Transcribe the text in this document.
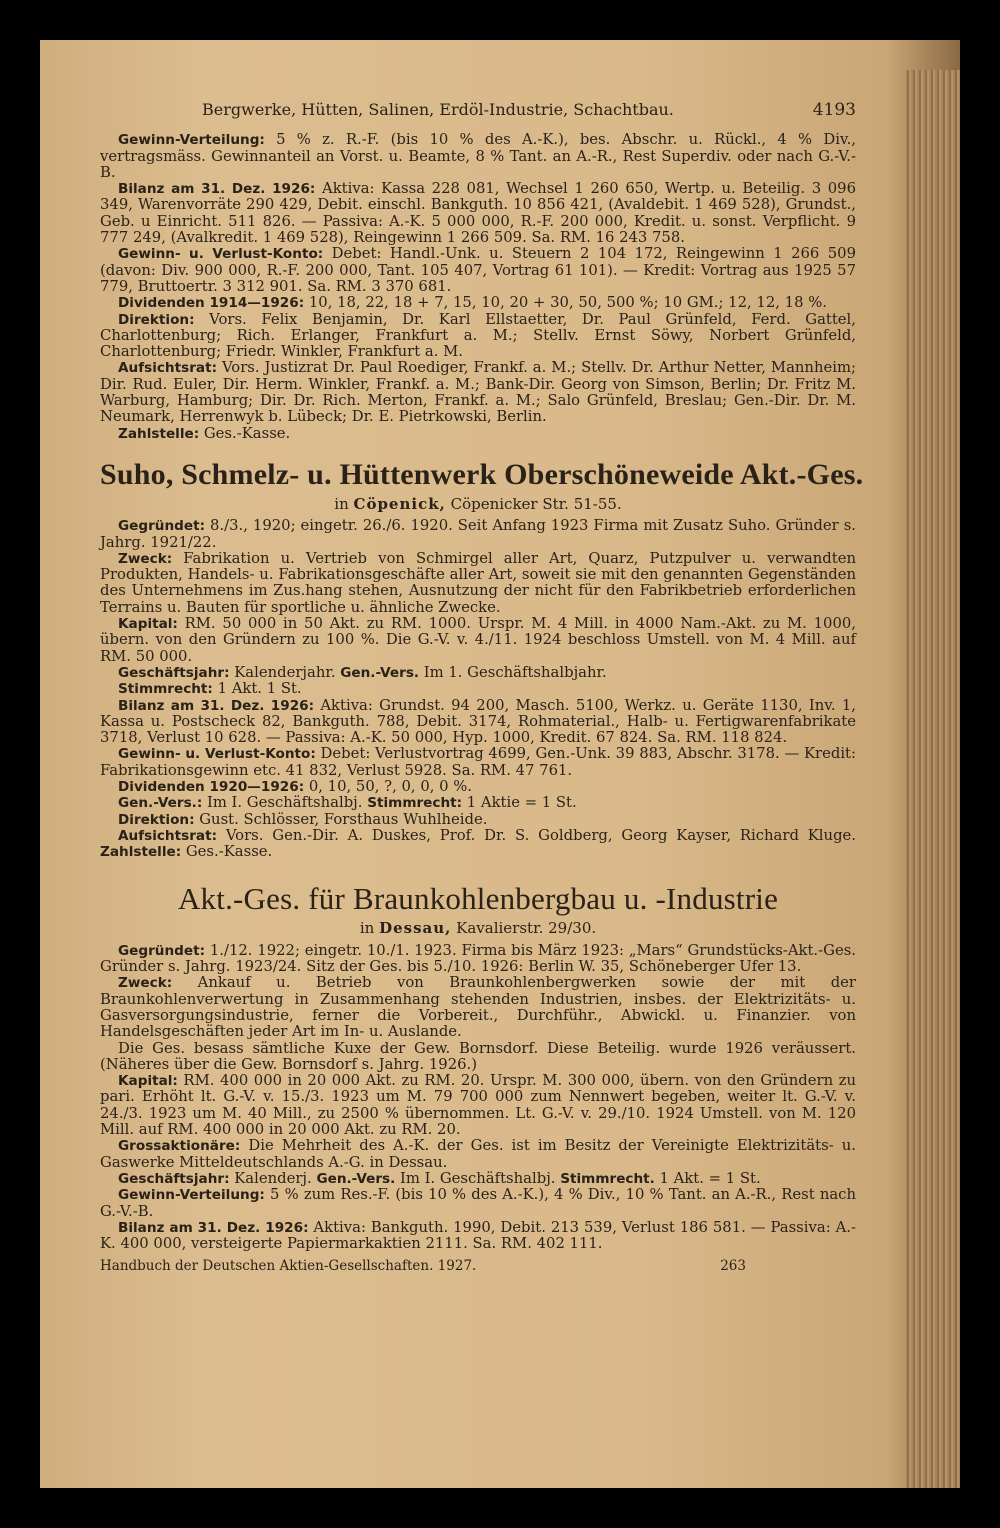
Bergwerke, Hütten, Salinen, Erdöl-Industrie, Schachtbau.	4193

Gewinn-Verteilung: 5 % z. R.-F. (bis 10 % des A.-K.), bes. Abschr. u. Rückl., 4 % Div., vertragsmäss. Gewinnanteil an Vorst. u. Beamte, 8 % Tant. an A.-R., Rest Superdiv. oder nach G.-V.-B.

Bilanz am 31. Dez. 1926: Aktiva: Kassa 228 081, Wechsel 1 260 650, Wertp. u. Beteilig. 3 096 349, Warenvorräte 290 429, Debit. einschl. Bankguth. 10 856 421, (Avaldebit. 1 469 528), Grundst., Geb. u Einricht. 511 826. — Passiva: A.-K. 5 000 000, R.-F. 200 000, Kredit. u. sonst. Verpflicht. 9 777 249, (Avalkredit. 1 469 528), Reingewinn 1 266 509. Sa. RM. 16 243 758.

Gewinn- u. Verlust-Konto: Debet: Handl.-Unk. u. Steuern 2 104 172, Reingewinn 1 266 509 (davon: Div. 900 000, R.-F. 200 000, Tant. 105 407, Vortrag 61 101). — Kredit: Vortrag aus 1925 57 779, Bruttoertr. 3 312 901. Sa. RM. 3 370 681.

Dividenden 1914—1926: 10, 18, 22, 18 + 7, 15, 10, 20 + 30, 50, 500 %; 10 GM.; 12, 12, 18 %.

Direktion: Vors. Felix Benjamin, Dr. Karl Ellstaetter, Dr. Paul Grünfeld, Ferd. Gattel, Charlottenburg; Rich. Erlanger, Frankfurt a. M.; Stellv. Ernst Söwy, Norbert Grünfeld, Charlottenburg; Friedr. Winkler, Frankfurt a. M.

Aufsichtsrat: Vors. Justizrat Dr. Paul Roediger, Frankf. a. M.; Stellv. Dr. Arthur Netter, Mannheim; Dir. Rud. Euler, Dir. Herm. Winkler, Frankf. a. M.; Bank-Dir. Georg von Simson, Berlin; Dr. Fritz M. Warburg, Hamburg; Dir. Dr. Rich. Merton, Frankf. a. M.; Salo Grünfeld, Breslau; Gen.-Dir. Dr. M. Neumark, Herrenwyk b. Lübeck; Dr. E. Pietrkowski, Berlin.

Zahlstelle: Ges.-Kasse.

Suho, Schmelz- u. Hüttenwerk Oberschöneweide Akt.-Ges.
in Cöpenick, Cöpenicker Str. 51-55.

Gegründet: 8./3., 1920; eingetr. 26./6. 1920. Seit Anfang 1923 Firma mit Zusatz Suho. Gründer s. Jahrg. 1921/22.

Zweck: Fabrikation u. Vertrieb von Schmirgel aller Art, Quarz, Putzpulver u. verwandten Produkten, Handels- u. Fabrikationsgeschäfte aller Art, soweit sie mit den genannten Gegenständen des Unternehmens im Zus.hang stehen, Ausnutzung der nicht für den Fabrikbetrieb erforderlichen Terrains u. Bauten für sportliche u. ähnliche Zwecke.

Kapital: RM. 50 000 in 50 Akt. zu RM. 1000. Urspr. M. 4 Mill. in 4000 Nam.-Akt. zu M. 1000, übern. von den Gründern zu 100 %. Die G.-V. v. 4./11. 1924 beschloss Umstell. von M. 4 Mill. auf RM. 50 000.

Geschäftsjahr: Kalenderjahr. Gen.-Vers. Im 1. Geschäftshalbjahr.

Stimmrecht: 1 Akt. 1 St.

Bilanz am 31. Dez. 1926: Aktiva: Grundst. 94 200, Masch. 5100, Werkz. u. Geräte 1130, Inv. 1, Kassa u. Postscheck 82, Bankguth. 788, Debit. 3174, Rohmaterial., Halb- u. Fertigwarenfabrikate 3718, Verlust 10 628. — Passiva: A.-K. 50 000, Hyp. 1000, Kredit. 67 824. Sa. RM. 118 824.

Gewinn- u. Verlust-Konto: Debet: Verlustvortrag 4699, Gen.-Unk. 39 883, Abschr. 3178. — Kredit: Fabrikationsgewinn etc. 41 832, Verlust 5928. Sa. RM. 47 761.

Dividenden 1920—1926: 0, 10, 50, ?, 0, 0, 0 %.

Gen.-Vers.: Im I. Geschäftshalbj. Stimmrecht: 1 Aktie = 1 St.

Direktion: Gust. Schlösser, Forsthaus Wuhlheide.

Aufsichtsrat: Vors. Gen.-Dir. A. Duskes, Prof. Dr. S. Goldberg, Georg Kayser, Richard Kluge. Zahlstelle: Ges.-Kasse.

Akt.-Ges. für Braunkohlenbergbau u. -Industrie
in Dessau, Kavalierstr. 29/30.

Gegründet: 1./12. 1922; eingetr. 10./1. 1923. Firma bis März 1923: „Mars“ Grundstücks-Akt.-Ges. Gründer s. Jahrg. 1923/24. Sitz der Ges. bis 5./10. 1926: Berlin W. 35, Schöneberger Ufer 13.

Zweck: Ankauf u. Betrieb von Braunkohlenbergwerken sowie der mit der Braunkohlenverwertung in Zusammenhang stehenden Industrien, insbes. der Elektrizitäts- u. Gasversorgungsindustrie, ferner die Vorbereit., Durchführ., Abwickl. u. Finanzier. von Handelsgeschäften jeder Art im In- u. Auslande.

Die Ges. besass sämtliche Kuxe der Gew. Bornsdorf. Diese Beteilig. wurde 1926 veräussert. (Näheres über die Gew. Bornsdorf s. Jahrg. 1926.)

Kapital: RM. 400 000 in 20 000 Akt. zu RM. 20. Urspr. M. 300 000, übern. von den Gründern zu pari. Erhöht lt. G.-V. v. 15./3. 1923 um M. 79 700 000 zum Nennwert begeben, weiter lt. G.-V. v. 24./3. 1923 um M. 40 Mill., zu 2500 % übernommen. Lt. G.-V. v. 29./10. 1924 Umstell. von M. 120 Mill. auf RM. 400 000 in 20 000 Akt. zu RM. 20.

Grossaktionäre: Die Mehrheit des A.-K. der Ges. ist im Besitz der Vereinigte Elektrizitäts- u. Gaswerke Mitteldeutschlands A.-G. in Dessau.

Geschäftsjahr: Kalenderj. Gen.-Vers. Im I. Geschäftshalbj. Stimmrecht. 1 Akt. = 1 St.

Gewinn-Verteilung: 5 % zum Res.-F. (bis 10 % des A.-K.), 4 % Div., 10 % Tant. an A.-R., Rest nach G.-V.-B.

Bilanz am 31. Dez. 1926: Aktiva: Bankguth. 1990, Debit. 213 539, Verlust 186 581. — Passiva: A.-K. 400 000, versteigerte Papiermarkaktien 2111. Sa. RM. 402 111.

Handbuch der Deutschen Aktien-Gesellschaften. 1927.	263
